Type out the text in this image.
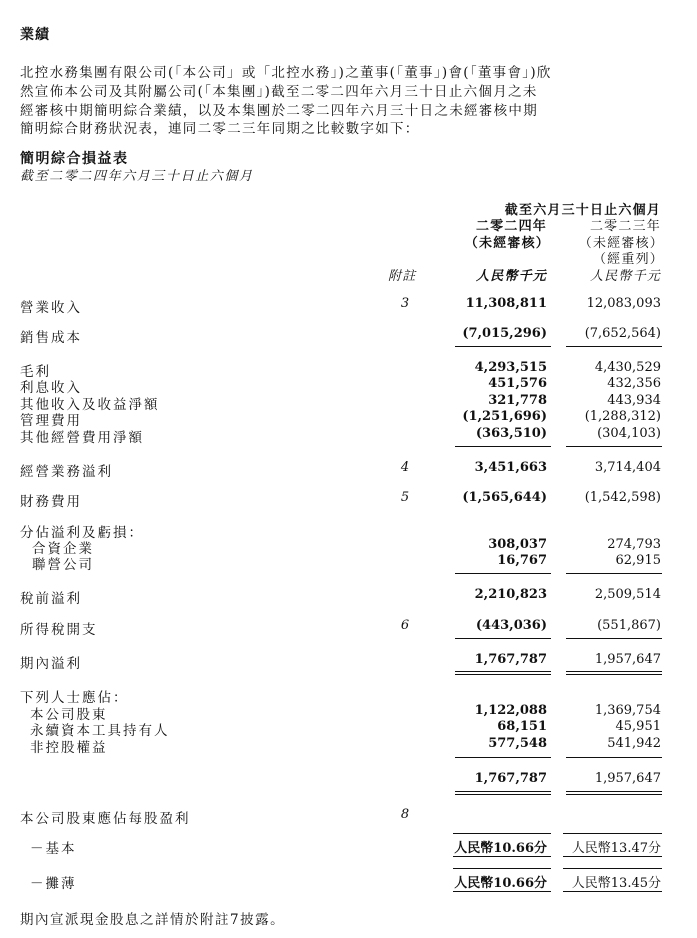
業績
北控水務集團有限公司(「本公司」或「北控水務」)之董事(「董事」)會(「董事會」)欣
然宣佈本公司及其附屬公司(「本集團」)截至二零二四年六月三十日止六個月之未
經審核中期簡明綜合業績，以及本集團於二零二四年六月三十日之未經審核中期
簡明綜合財務狀況表，連同二零二三年同期之比較數字如下：
簡明綜合損益表
截至二零二四年六月三十日止六個月
截至六月三十日止六個月
二零二四年	二零二三年
（未經審核） （未經審核）
（經重列）
附註	人民幣千元	人民幣千元
營業收入	3	11,308,811	12,083,093
銷售成本	(7,015,296)	(7,652,564)
毛利	4,293,515	4,430,529
利息收入	451,576	432,356
其他收入及收益淨額	321,778	443,934
管理費用	(1,251,696)	(1,288,312)
其他經營費用淨額	(363,510)	(304,103)
經營業務溢利	4	3,451,663	3,714,404
財務費用	5	(1,565,644)	(1,542,598)
分佔溢利及虧損：
合資企業	308,037	274,793
聯營公司	16,767	62,915
稅前溢利	2,210,823	2,509,514
所得稅開支	6	(443,036)	(551,867)
期內溢利	1,767,787	1,957,647
下列人士應佔：
本公司股東	1,122,088	1,369,754
永續資本工具持有人	68,151	45,951
非控股權益	577,548	541,942
1,767,787	1,957,647
本公司股東應佔每股盈利	8
－基本	人民幣10.66分 人民幣13.47分
－攤薄	人民幣10.66分 人民幣13.45分
期內宣派現金股息之詳情於附註7披露。
